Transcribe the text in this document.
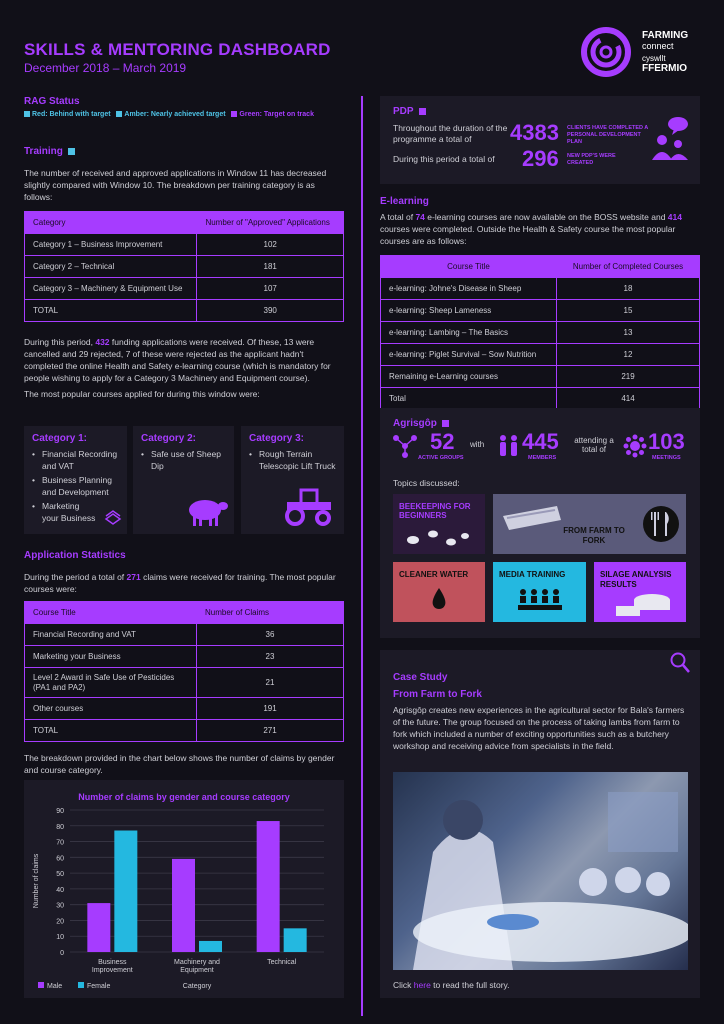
SKILLS & MENTORING DASHBOARD
December 2018 – March 2019
FARMING
connect
cyswllt
FFERMIO
RAG Status
Red: Behind with target Amber: Nearly achieved target Green: Target on track
Training

The number of received and approved applications in Window 11 has decreased slightly compared with Window 10. The breakdown per training category is as follows:

Category	Number of "Approved" Applications
Category 1 – Business Improvement	102
Category 2 – Technical	181
Category 3 – Machinery & Equipment Use	107
TOTAL	390

During this period, 432 funding applications were received. Of these, 13 were cancelled and 29 rejected, 7 of these were rejected as the applicant hadn't completed the online Health and Safety e-learning course (which is mandatory for people wishing to apply for a Category 3 Machinery and Equipment course).

The most popular courses applied for during this window were:

Category 1:
• Financial Recording and VAT
• Business Planning and Development
• Marketing your Business
Category 2:
• Safe use of Sheep Dip
Category 3:
• Rough Terrain Telescopic Lift Truck
Application Statistics

During the period a total of 271 claims were received for training. The most popular courses were:

Course Title	Number of Claims
Financial Recording and VAT	36
Marketing your Business	23
Level 2 Award in Safe Use of Pesticides (PA1 and PA2)	21
Other courses	191
TOTAL	271

The breakdown provided in the chart below shows the number of claims by gender and course category.

Number of claims by gender and course category
0
10
20
30
40
50
60
70
80
90
Number of claims
Business
Improvement
Machinery and
Equipment
Technical
Category
Male	Female
PDP
Throughout the duration of the programme a total of	4383 CLIENTS HAVE COMPLETED A PERSONAL DEVELOPMENT PLAN
During this period a total of 296 NEW PDP'S WERE CREATED
E-learning

A total of 74 e-learning courses are now available on the BOSS website and 414 courses were completed. Outside the Health & Safety course the most popular courses are as follows:

Course Title	Number of Completed Courses
e-learning: Johne's Disease in Sheep	18
e-learning: Sheep Lameness	15
e-learning: Lambing – The Basics	13
e-learning: Piglet Survival – Sow Nutrition	12
Remaining e-Learning courses	219
Total	414
Agrisgôp
52
ACTIVE GROUPS
with 445
MEMBERS
attending a total of	103
MEETINGS
Topics discussed:
BEEKEEPING FOR BEGINNERS
FROM FARM TO FORK
CLEANER WATER	MEDIA TRAINING	SILAGE ANALYSIS RESULTS
Case Study
From Farm to Fork

Agrisgôp creates new experiences in the agricultural sector for Bala's farmers of the future. The group focused on the process of taking lambs from farm to fork which included a number of exciting opportunities such as a butchery workshop and receiving advice from specialists in the field.

Click here to read the full story.
